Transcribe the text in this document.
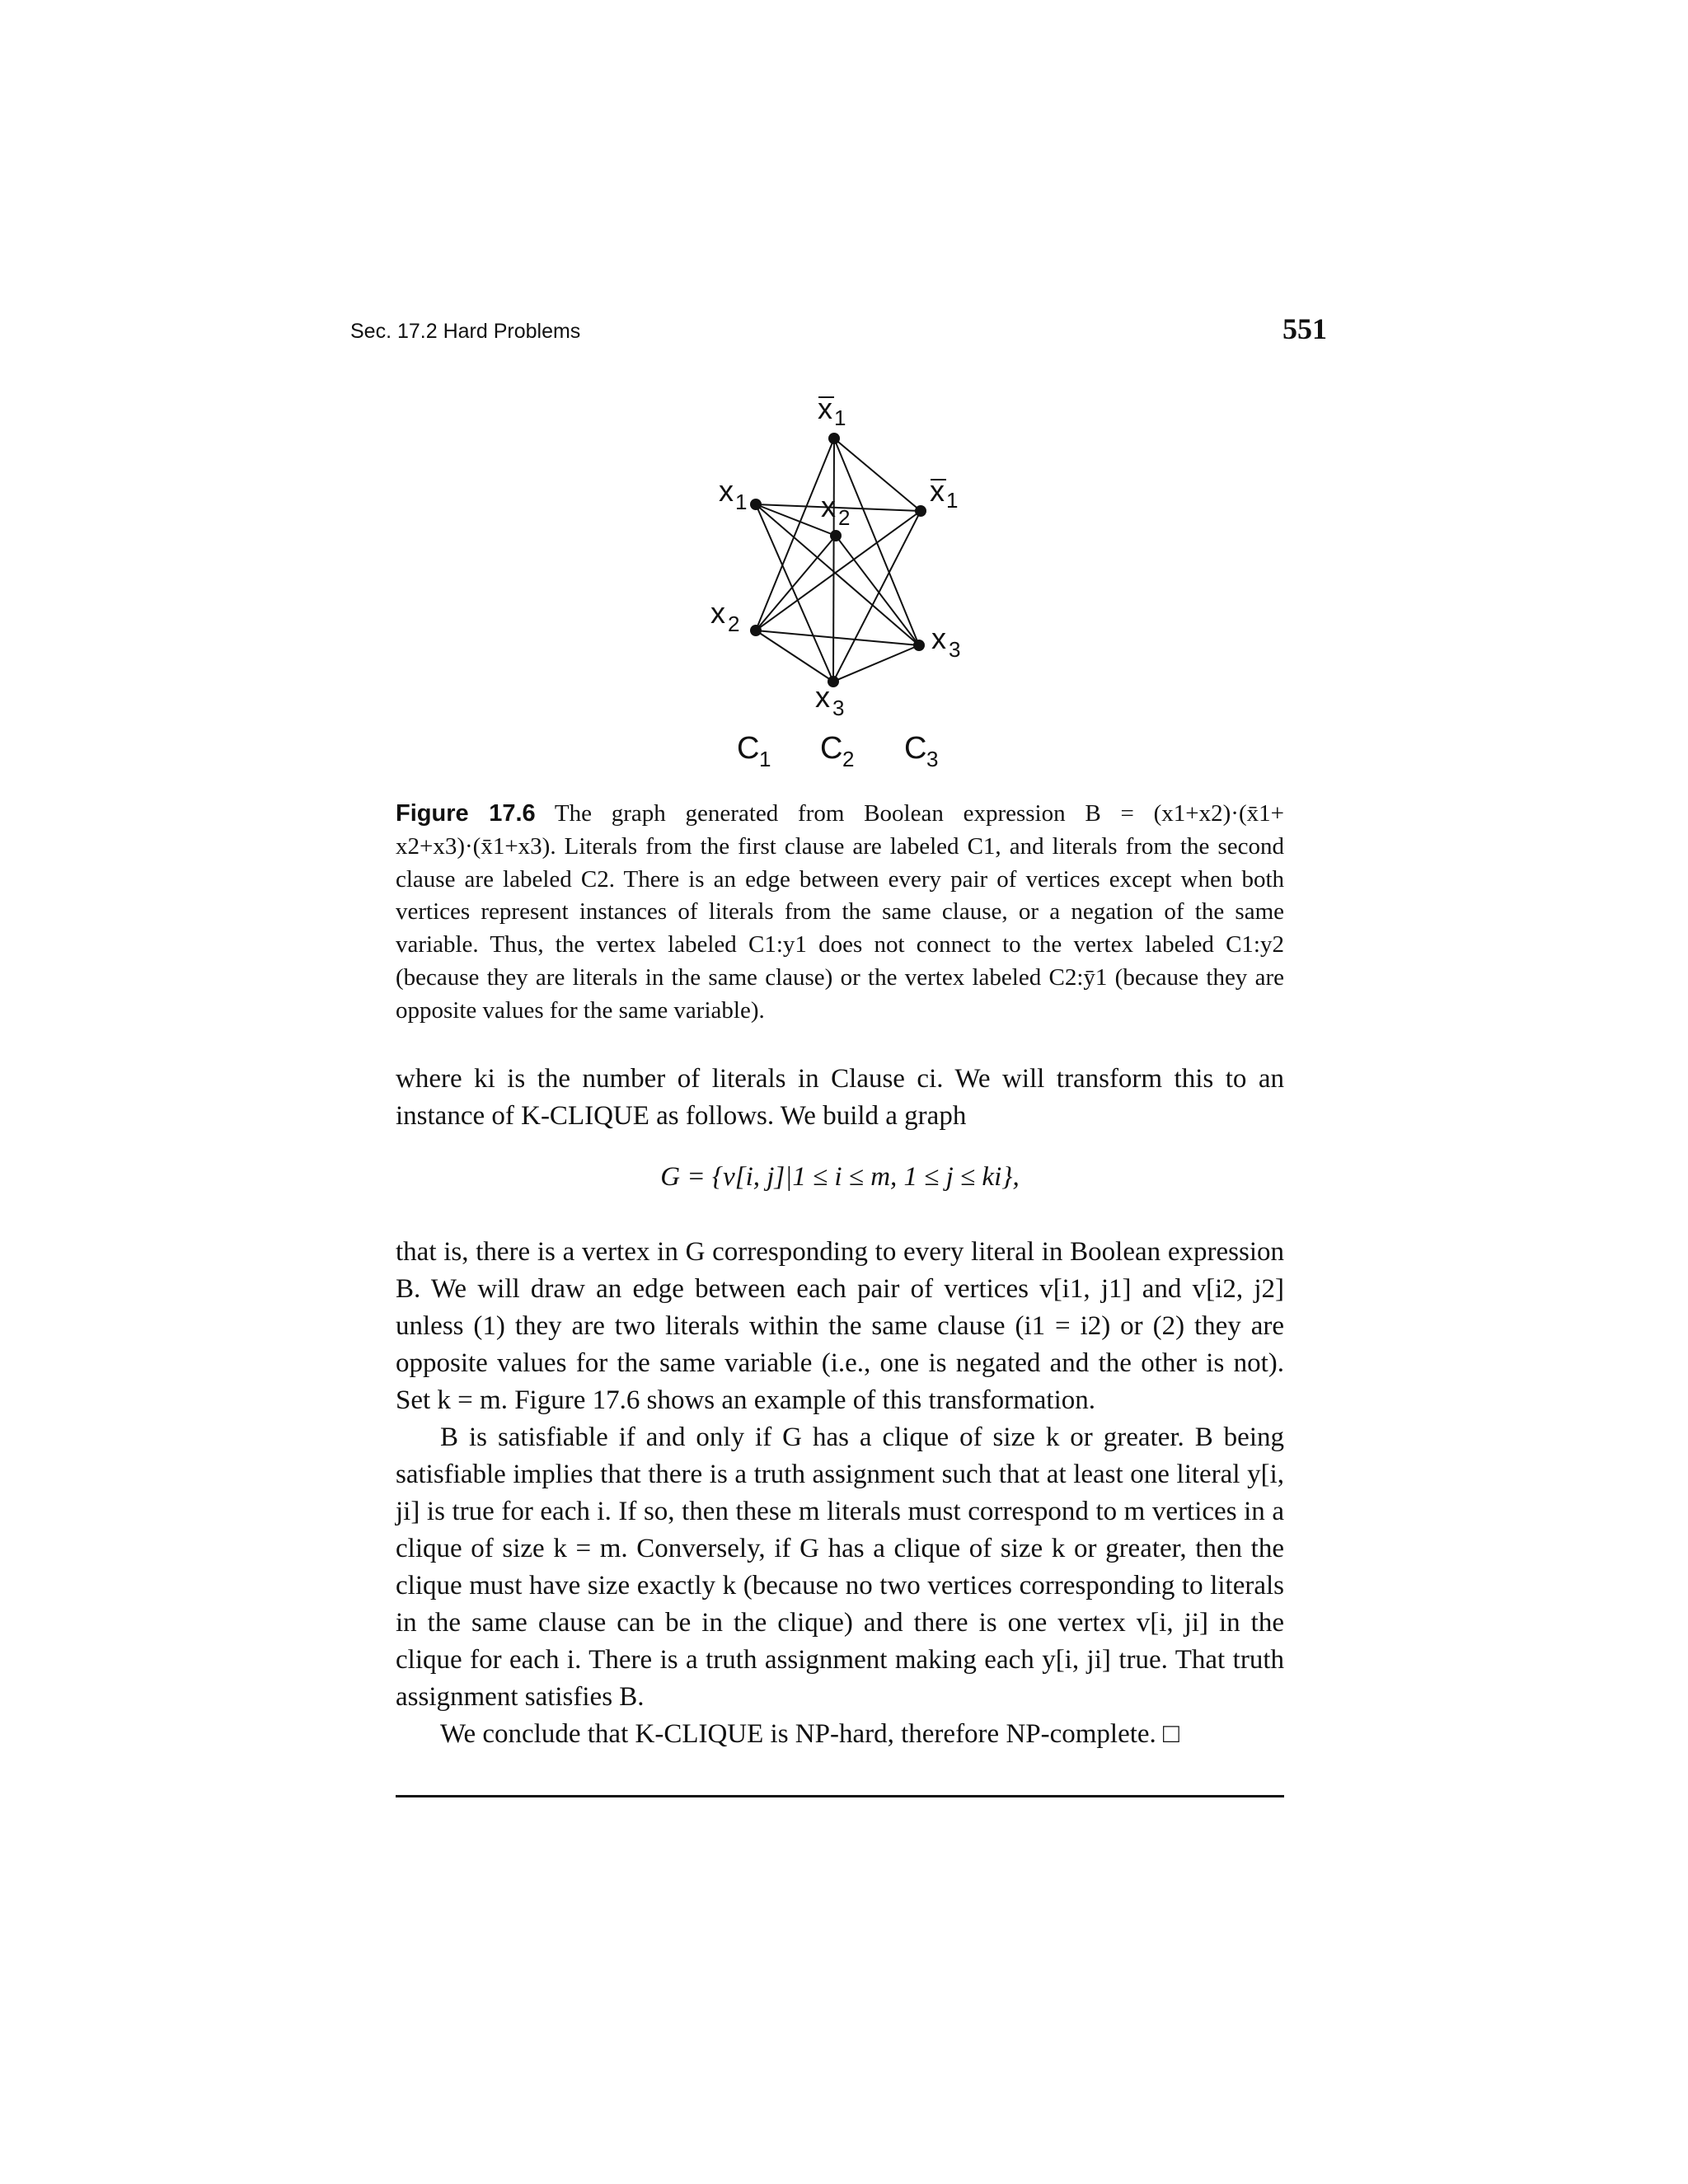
Sec. 17.2 Hard Problems	551
x 1
x 1
x 1 x 2
x 2	x 3
x 3
C 1 C 2 C 3
Figure 17.6 The graph generated from Boolean expression B = (x1+x2)·(x̄1+ x2+x3)·(x̄1+x3). Literals from the first clause are labeled C1, and literals from the second clause are labeled C2. There is an edge between every pair of vertices except when both vertices represent instances of literals from the same clause, or a negation of the same variable. Thus, the vertex labeled C1:y1 does not connect to the vertex labeled C1:y2 (because they are literals in the same clause) or the vertex labeled C2:ȳ1 (because they are opposite values for the same variable).

where ki is the number of literals in Clause ci. We will transform this to an instance of K-CLIQUE as follows. We build a graph

G = {v[i, j]|1 ≤ i ≤ m, 1 ≤ j ≤ ki},

that is, there is a vertex in G corresponding to every literal in Boolean expression B. We will draw an edge between each pair of vertices v[i1, j1] and v[i2, j2] unless (1) they are two literals within the same clause (i1 = i2) or (2) they are opposite values for the same variable (i.e., one is negated and the other is not). Set k = m. Figure 17.6 shows an example of this transformation.

B is satisfiable if and only if G has a clique of size k or greater. B being satisfiable implies that there is a truth assignment such that at least one literal y[i, ji] is true for each i. If so, then these m literals must correspond to m vertices in a clique of size k = m. Conversely, if G has a clique of size k or greater, then the clique must have size exactly k (because no two vertices corresponding to literals in the same clause can be in the clique) and there is one vertex v[i, ji] in the clique for each i. There is a truth assignment making each y[i, ji] true. That truth assignment satisfies B.

We conclude that K-CLIQUE is NP-hard, therefore NP-complete. □
